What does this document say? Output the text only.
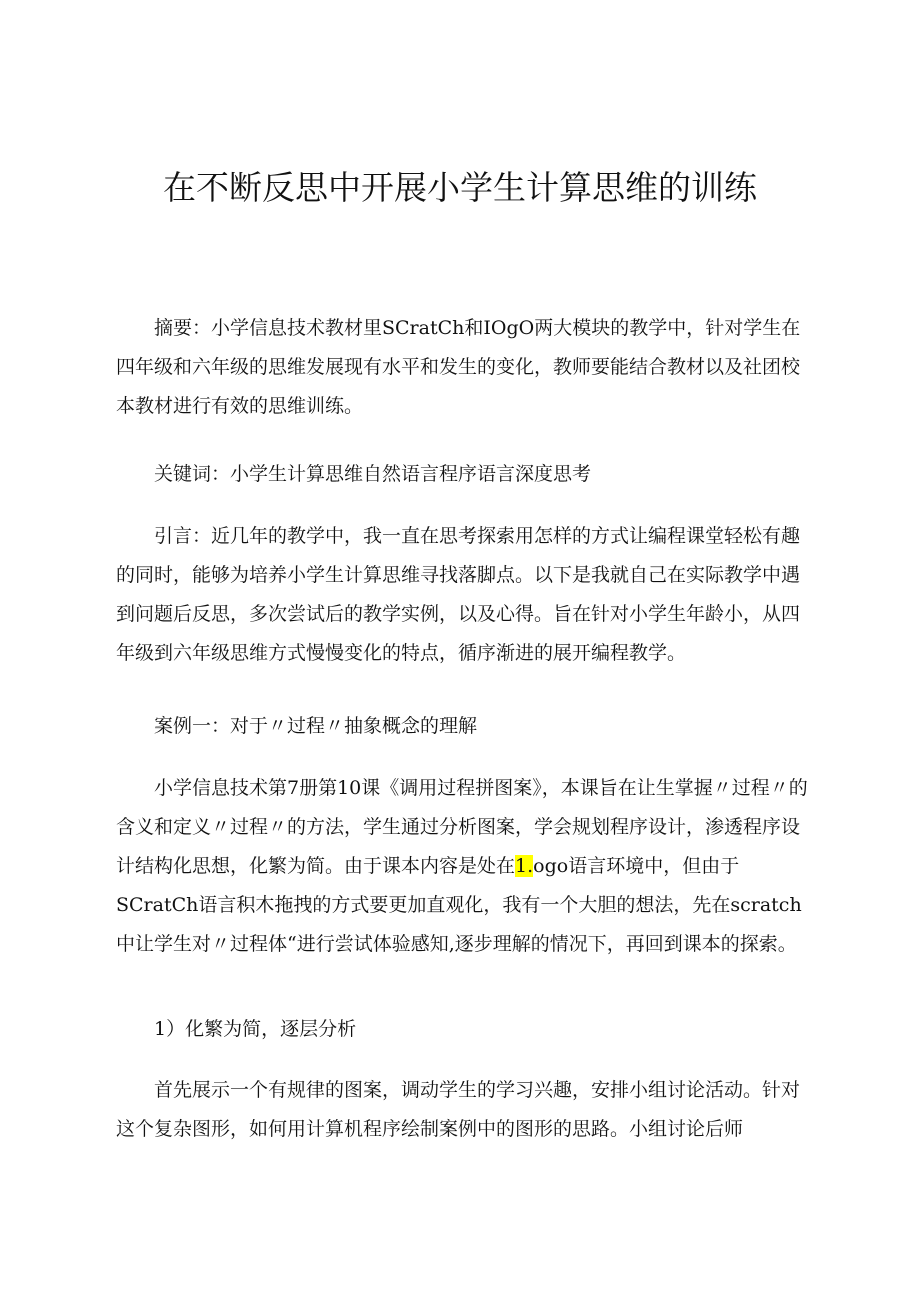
在不断反思中开展小学生计算思维的训练

摘要：小学信息技术教材里SCratCh和IOgO两大模块的教学中，针对学生在四年级和六年级的思维发展现有水平和发生的变化，教师要能结合教材以及社团校本教材进行有效的思维训练。

关键词：小学生计算思维自然语言程序语言深度思考

引言：近几年的教学中，我一直在思考探索用怎样的方式让编程课堂轻松有趣的同时，能够为培养小学生计算思维寻找落脚点。以下是我就自己在实际教学中遇到问题后反思，多次尝试后的教学实例，以及心得。旨在针对小学生年龄小，从四年级到六年级思维方式慢慢变化的特点，循序渐进的展开编程教学。

案例一：对于〃过程〃抽象概念的理解

小学信息技术第7册第10课《调用过程拼图案》，本课旨在让生掌握〃过程〃的含义和定义〃过程〃的方法，学生通过分析图案，学会规划程序设计，渗透程序设计结构化思想，化繁为简。由于课本内容是处在1.ogo语言环境中，但由于SCratCh语言积木拖拽的方式要更加直观化，我有一个大胆的想法，先在scratch中让学生对〃过程体“进行尝试体验感知,逐步理解的情况下，再回到课本的探索。

1）化繁为简，逐层分析

首先展示一个有规律的图案，调动学生的学习兴趣，安排小组讨论活动。针对这个复杂图形，如何用计算机程序绘制案例中的图形的思路。小组讨论后师
